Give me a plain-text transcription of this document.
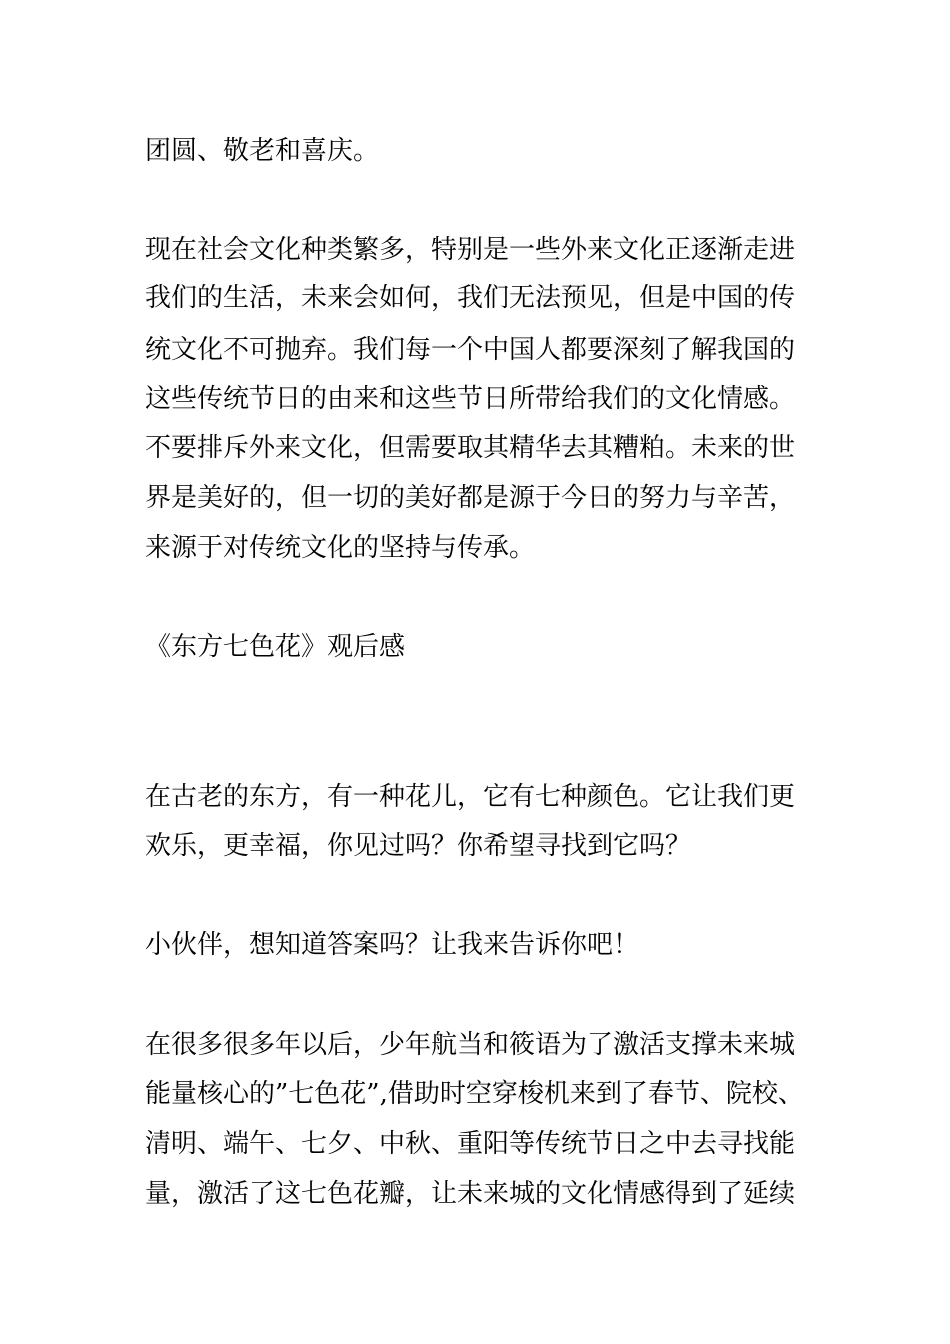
团圆、敬老和喜庆。
现在社会文化种类繁多，特别是一些外来文化正逐渐走进
我们的生活，未来会如何，我们无法预见，但是中国的传
统文化不可抛弃。我们每一个中国人都要深刻了解我国的
这些传统节日的由来和这些节日所带给我们的文化情感。
不要排斥外来文化，但需要取其精华去其糟粕。未来的世
界是美好的，但一切的美好都是源于今日的努力与辛苦，
来源于对传统文化的坚持与传承。
《东方七色花》观后感
在古老的东方，有一种花儿，它有七种颜色。它让我们更
欢乐，更幸福，你见过吗？你希望寻找到它吗？
小伙伴，想知道答案吗？让我来告诉你吧！
在很多很多年以后，少年航当和筱语为了激活支撑未来城
能量核心的”七色花”,借助时空穿梭机来到了春节、院校、
清明、端午、七夕、中秋、重阳等传统节日之中去寻找能
量，激活了这七色花瓣，让未来城的文化情感得到了延续
